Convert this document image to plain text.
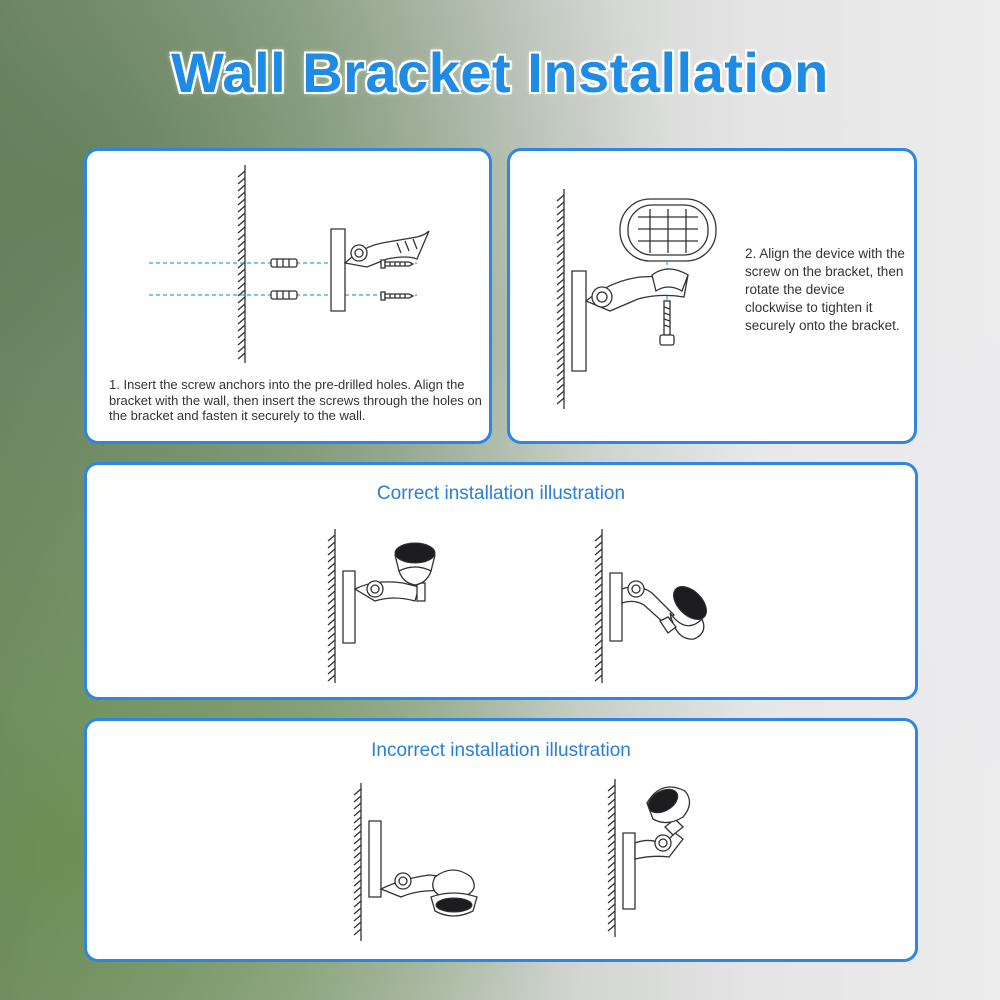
Wall Bracket Installation
1. Insert the screw anchors into the pre-drilled holes. Align the bracket with the wall, then insert the screws through the holes on the bracket and fasten it securely to the wall.
2. Align the device with the screw on the bracket, then rotate the device clockwise to tighten it securely onto the bracket.
Correct installation illustration
Incorrect installation illustration
